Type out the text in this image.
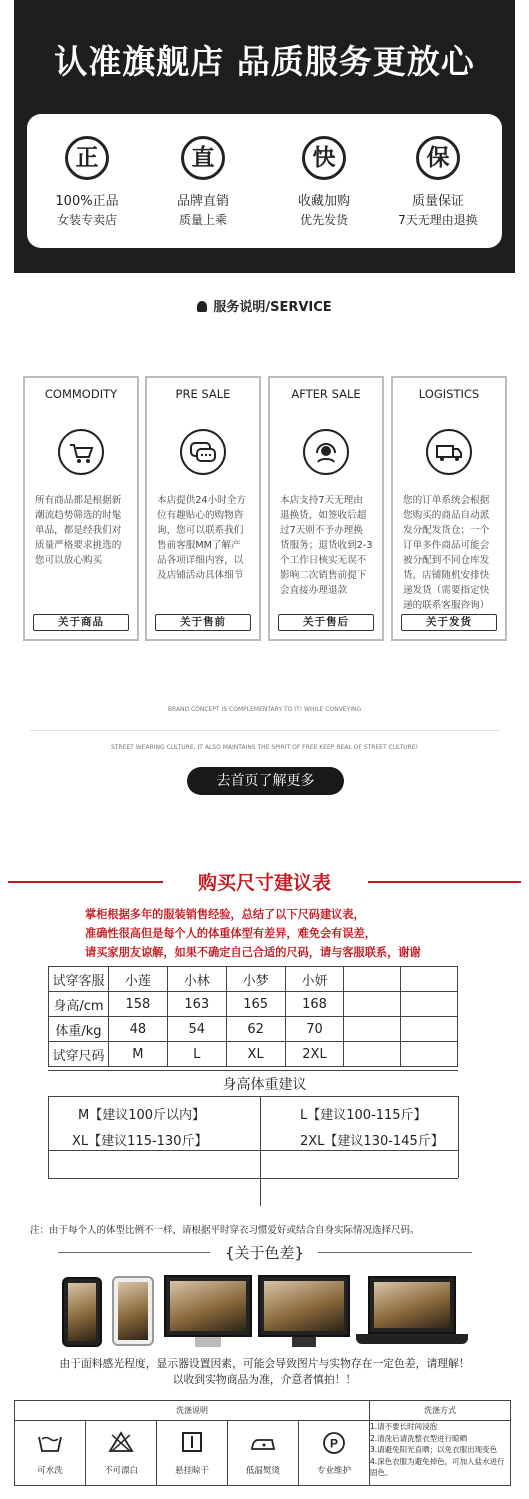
认准旗舰店 品质服务更放心
正
100%正品
女装专卖店
直
品牌直销
质量上乘
快
收藏加购
优先发货
保
质量保证
7天无理由退换
服务说明/SERVICE
COMMODITY
所有商品都是根据新
潮流趋势筛选的时髦
单品，都是经我们对
质量严格要求挑选的
您可以放心购买
关于商品
PRE SALE
本店提供24小时全方
位有趣贴心的购物咨
询，您可以联系我们
售前客服MM了解产
品各项详细内容，以
及店铺活动具体细节
关于售前
AFTER SALE
本店支持7天无理由
退换货，如签收后超
过7天则不予办理换
货服务；退货收到2-3
个工作日核实无误不
影响二次销售前提下
会直接办理退款
关于售后
LOGISTICS
您的订单系统会根据
您购买的商品自动派
发分配发货仓；一个
订单多件商品可能会
被分配到不同仓库发
货，店铺随机安排快
递发货（需要指定快
递的联系客服咨询）
关于发货
BRAND CONCEPT IS COMPLEMENTARY TO IT! WHILE CONVEYING
STREET WEARING CULTURE, IT ALSO MAINTAINS THE SPIRIT OF FREE KEEP REAL OF STREET CULTURE!
去首页了解更多
购买尺寸建议表
掌柜根据多年的服装销售经验，总结了以下尺码建议表，
准确性很高但是每个人的体重体型有差异，难免会有误差，
请买家朋友谅解，如果不确定自己合适的尺码，请与客服联系，谢谢
试穿客服	小莲	小林	小梦	小妍		
身高/cm	158	163	165	168		
体重/kg	48	54	62	70		
试穿尺码	M	L	XL	2XL		
身高体重建议
M【建议100斤以内】	L【建议100-115斤】
XL【建议115-130斤】	2XL【建议130-145斤】
注：由于每个人的体型比例不一样，请根据平时穿衣习惯爱好或结合自身实际情况选择尺码。
{关于色差}
由于面料感光程度，显示器设置因素，可能会导致图片与实物存在一定色差，请理解！
以收到实物商品为准，介意者慎拍！！
洗涤说明	洗涤方式
可水洗	不可漂白	悬挂晾干	低温熨烫
P
专业维护
1.请不要长时间浸泡
2.清洗后请洗整衣型进行晾晒
3.请避免阳光直晒；以免衣服出现变色
4.深色衣服为避免掉色，可加入盐水进行固色。
